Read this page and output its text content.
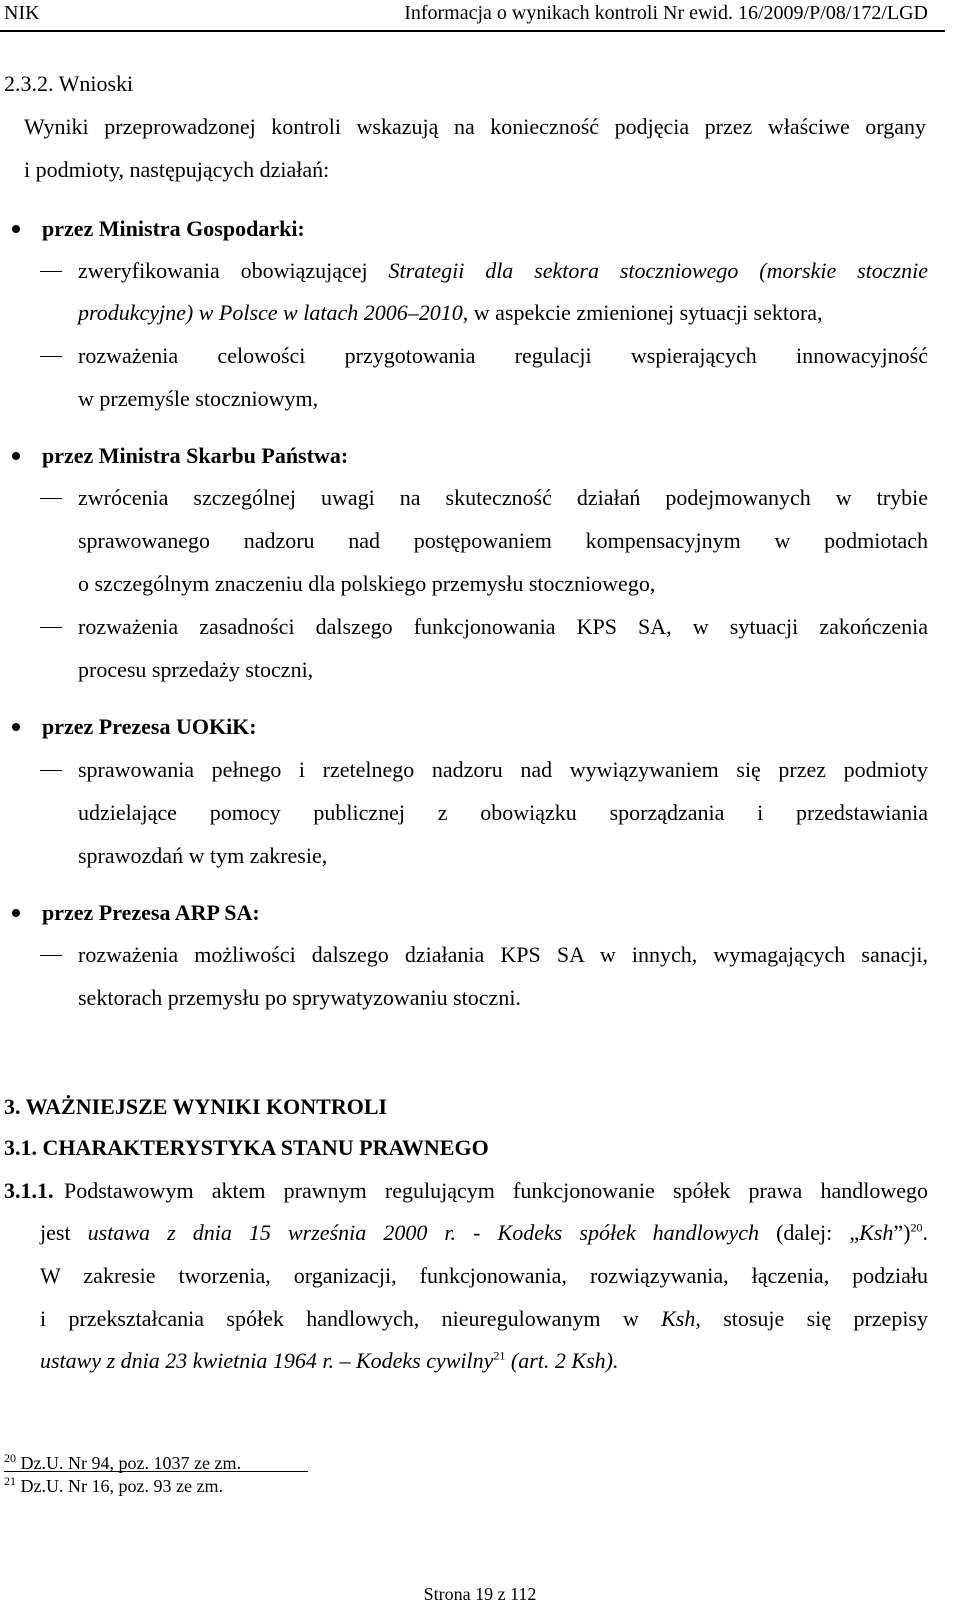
NIK	Informacja o wynikach kontroli Nr ewid. 16/2009/P/08/172/LGD
2.3.2. Wnioski
Wyniki przeprowadzonej kontroli wskazują na konieczność podjęcia przez właściwe organy
i podmioty, następujących działań:
przez Ministra Gospodarki:
zweryfikowania obowiązującej Strategii dla sektora stoczniowego (morskie stocznie
produkcyjne) w Polsce w latach 2006–2010, w aspekcie zmienionej sytuacji sektora,
rozważenia celowości przygotowania regulacji wspierających innowacyjność
w przemyśle stoczniowym,
przez Ministra Skarbu Państwa:
zwrócenia szczególnej uwagi na skuteczność działań podejmowanych w trybie
sprawowanego nadzoru nad postępowaniem kompensacyjnym w podmiotach
o szczególnym znaczeniu dla polskiego przemysłu stoczniowego,
rozważenia zasadności dalszego funkcjonowania KPS SA, w sytuacji zakończenia
procesu sprzedaży stoczni,
przez Prezesa UOKiK:
sprawowania pełnego i rzetelnego nadzoru nad wywiązywaniem się przez podmioty
udzielające pomocy publicznej z obowiązku sporządzania i przedstawiania
sprawozdań w tym zakresie,
przez Prezesa ARP SA:
rozważenia możliwości dalszego działania KPS SA w innych, wymagających sanacji,
sektorach przemysłu po sprywatyzowaniu stoczni.
3. WAŻNIEJSZE WYNIKI KONTROLI
3.1. CHARAKTERYSTYKA STANU PRAWNEGO
3.1.1. Podstawowym aktem prawnym regulującym funkcjonowanie spółek prawa handlowego
jest ustawa z dnia 15 września 2000 r. - Kodeks spółek handlowych (dalej: „Ksh”)$^{20}$.
W zakresie tworzenia, organizacji, funkcjonowania, rozwiązywania, łączenia, podziału
i przekształcania spółek handlowych, nieuregulowanym w Ksh, stosuje się przepisy
ustawy z dnia 23 kwietnia 1964 r. – Kodeks cywilny$^{21}$ (art. 2 Ksh).
$^{20}$ Dz.U. Nr 94, poz. 1037 ze zm.
$^{21}$ Dz.U. Nr 16, poz. 93 ze zm.
Strona 19 z 112
